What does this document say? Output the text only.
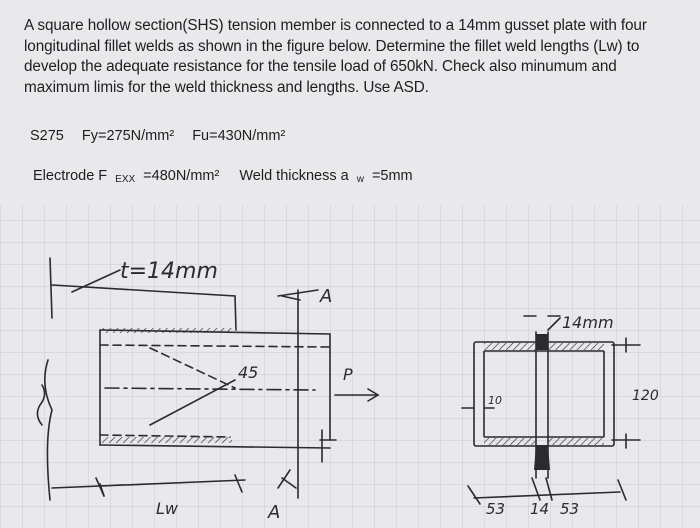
A square hollow section(SHS) tension member is connected to a 14mm gusset plate with four longitudinal fillet welds as shown in the figure below. Determine the fillet weld lengths (Lw) to develop the adequate resistance for the tensile load of 650kN. Check also minumum and maximum limis for the weld thickness and lengths. Use ASD.
S275 Fy=275N/mm² Fu=430N/mm²
Electrode F $_{EXX}$ =480N/mm² Weld thickness a $_w$ =5mm
t=14mm
45	P
A
A
Lw
14mm
10	120
53 14 53
